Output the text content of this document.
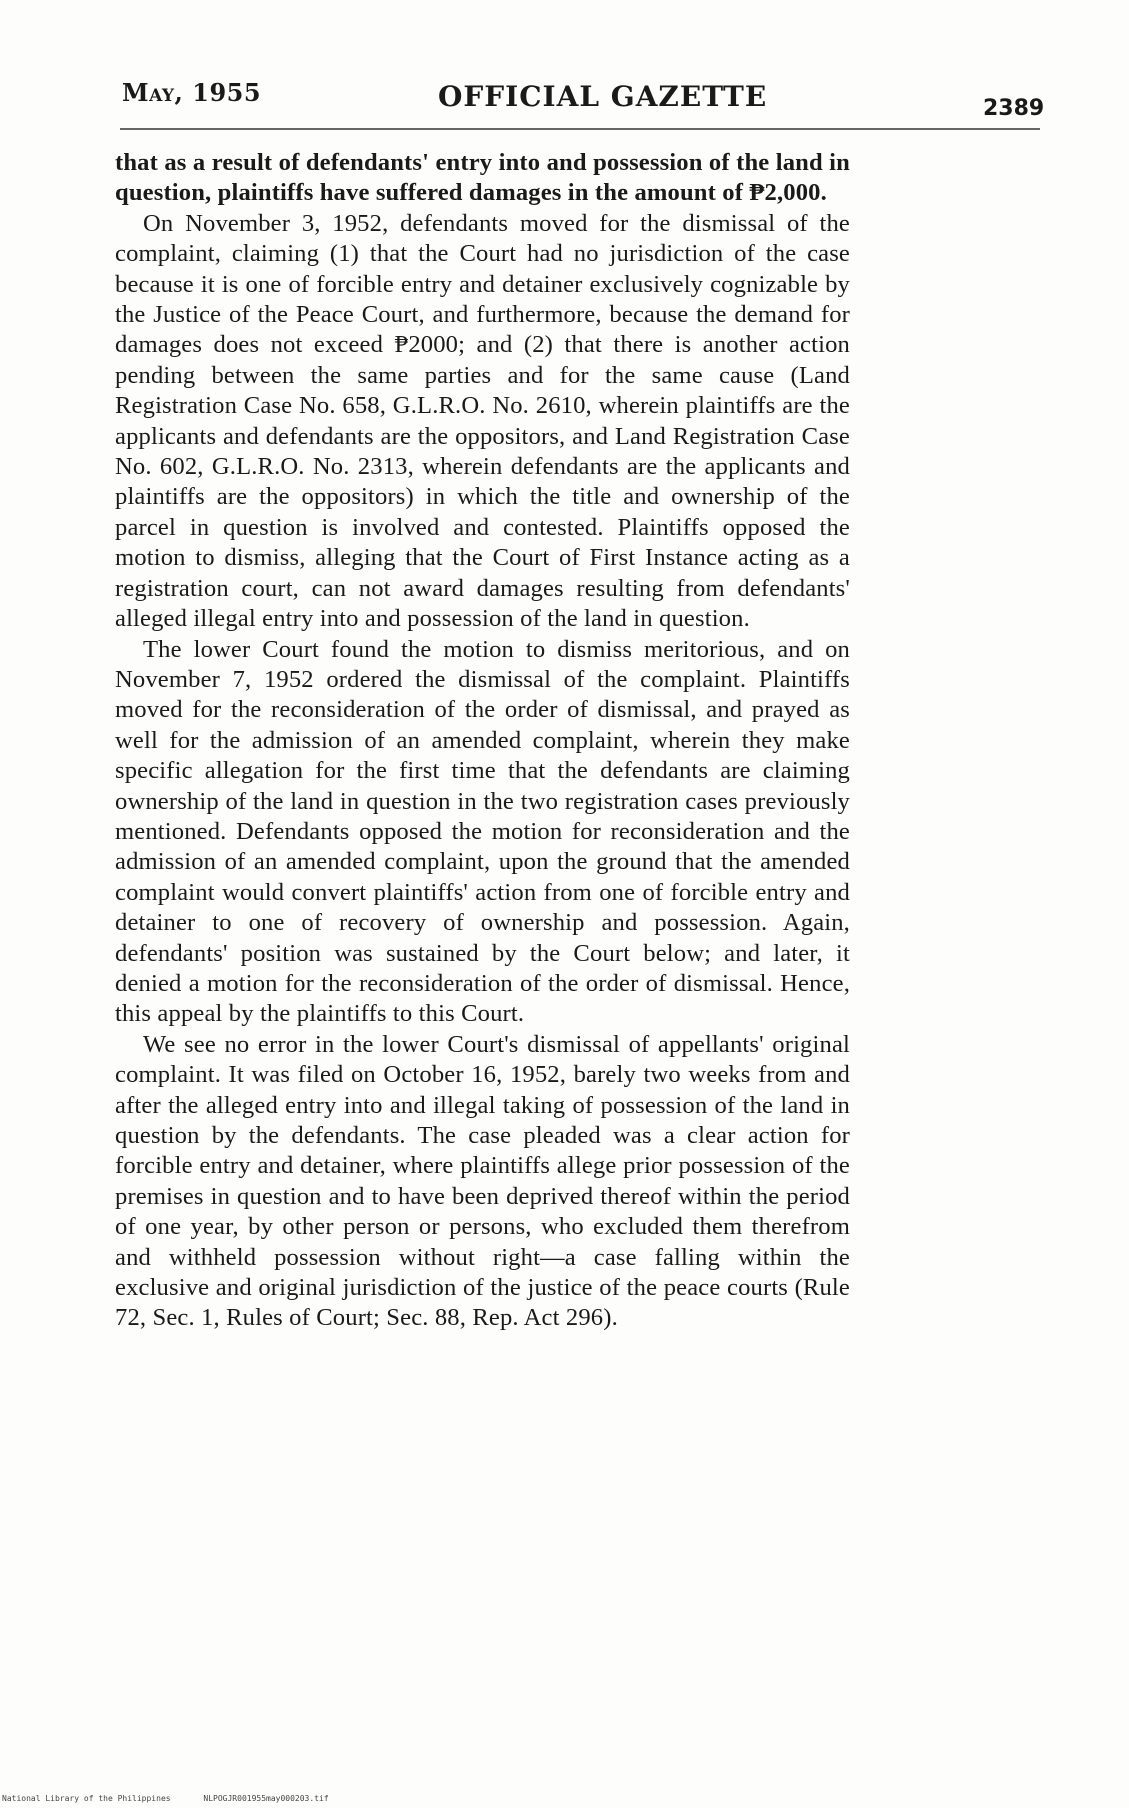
May, 1955	OFFICIAL GAZETTE	2389

that as a result of defendants' entry into and possession of the land in question, plaintiffs have suffered damages in the amount of ₱2,000.

On November 3, 1952, defendants moved for the dismissal of the complaint, claiming (1) that the Court had no jurisdiction of the case because it is one of forcible entry and detainer exclusively cognizable by the Justice of the Peace Court, and furthermore, because the demand for damages does not exceed ₱2000; and (2) that there is another action pending between the same parties and for the same cause (Land Registration Case No. 658, G.L.R.O. No. 2610, wherein plaintiffs are the applicants and defendants are the oppositors, and Land Registration Case No. 602, G.L.R.O. No. 2313, wherein defendants are the applicants and plaintiffs are the oppositors) in which the title and ownership of the parcel in question is involved and contested. Plaintiffs opposed the motion to dismiss, alleging that the Court of First Instance acting as a registration court, can not award damages resulting from defendants' alleged illegal entry into and possession of the land in question.

The lower Court found the motion to dismiss meritorious, and on November 7, 1952 ordered the dismissal of the complaint. Plaintiffs moved for the reconsideration of the order of dismissal, and prayed as well for the admission of an amended complaint, wherein they make specific allegation for the first time that the defendants are claiming ownership of the land in question in the two registration cases previously mentioned. Defendants opposed the motion for reconsideration and the admission of an amended complaint, upon the ground that the amended complaint would convert plaintiffs' action from one of forcible entry and detainer to one of recovery of ownership and possession. Again, defendants' position was sustained by the Court below; and later, it denied a motion for the reconsideration of the order of dismissal. Hence, this appeal by the plaintiffs to this Court.

We see no error in the lower Court's dismissal of appellants' original complaint. It was filed on October 16, 1952, barely two weeks from and after the alleged entry into and illegal taking of possession of the land in question by the defendants. The case pleaded was a clear action for forcible entry and detainer, where plaintiffs allege prior possession of the premises in question and to have been deprived thereof within the period of one year, by other person or persons, who excluded them therefrom and withheld possession without right—a case falling within the exclusive and original jurisdiction of the justice of the peace courts (Rule 72, Sec. 1, Rules of Court; Sec. 88, Rep. Act 296).

National Library of the Philippines	NLPOGJR001955may000203.tif
